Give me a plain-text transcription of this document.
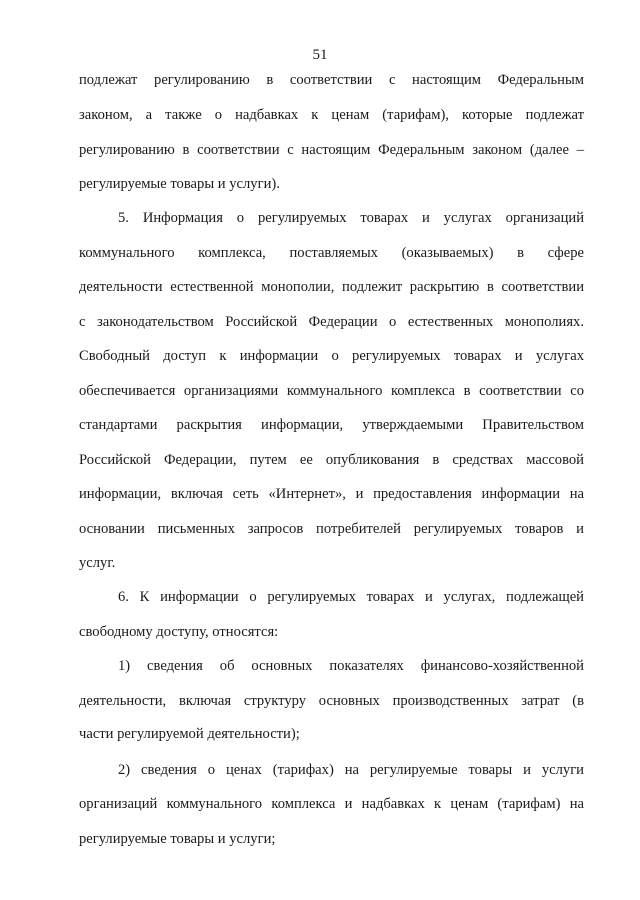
51
подлежат регулированию в соответствии с настоящим Федеральным
законом, а также о надбавках к ценам (тарифам), которые подлежат
регулированию в соответствии с настоящим Федеральным законом (далее –
регулируемые товары и услуги).
5. Информация о регулируемых товарах и услугах организаций
коммунального комплекса, поставляемых (оказываемых) в сфере
деятельности естественной монополии, подлежит раскрытию в соответствии
с законодательством Российской Федерации о естественных монополиях.
Свободный доступ к информации о регулируемых товарах и услугах
обеспечивается организациями коммунального комплекса в соответствии со
стандартами раскрытия информации, утверждаемыми Правительством
Российской Федерации, путем ее опубликования в средствах массовой
информации, включая сеть «Интернет», и предоставления информации на
основании письменных запросов потребителей регулируемых товаров и
услуг.
6. К информации о регулируемых товарах и услугах, подлежащей
свободному доступу, относятся:
1) сведения об основных показателях финансово-хозяйственной
деятельности, включая структуру основных производственных затрат (в
части регулируемой деятельности);
2) сведения о ценах (тарифах) на регулируемые товары и услуги
организаций коммунального комплекса и надбавках к ценам (тарифам) на
регулируемые товары и услуги;
